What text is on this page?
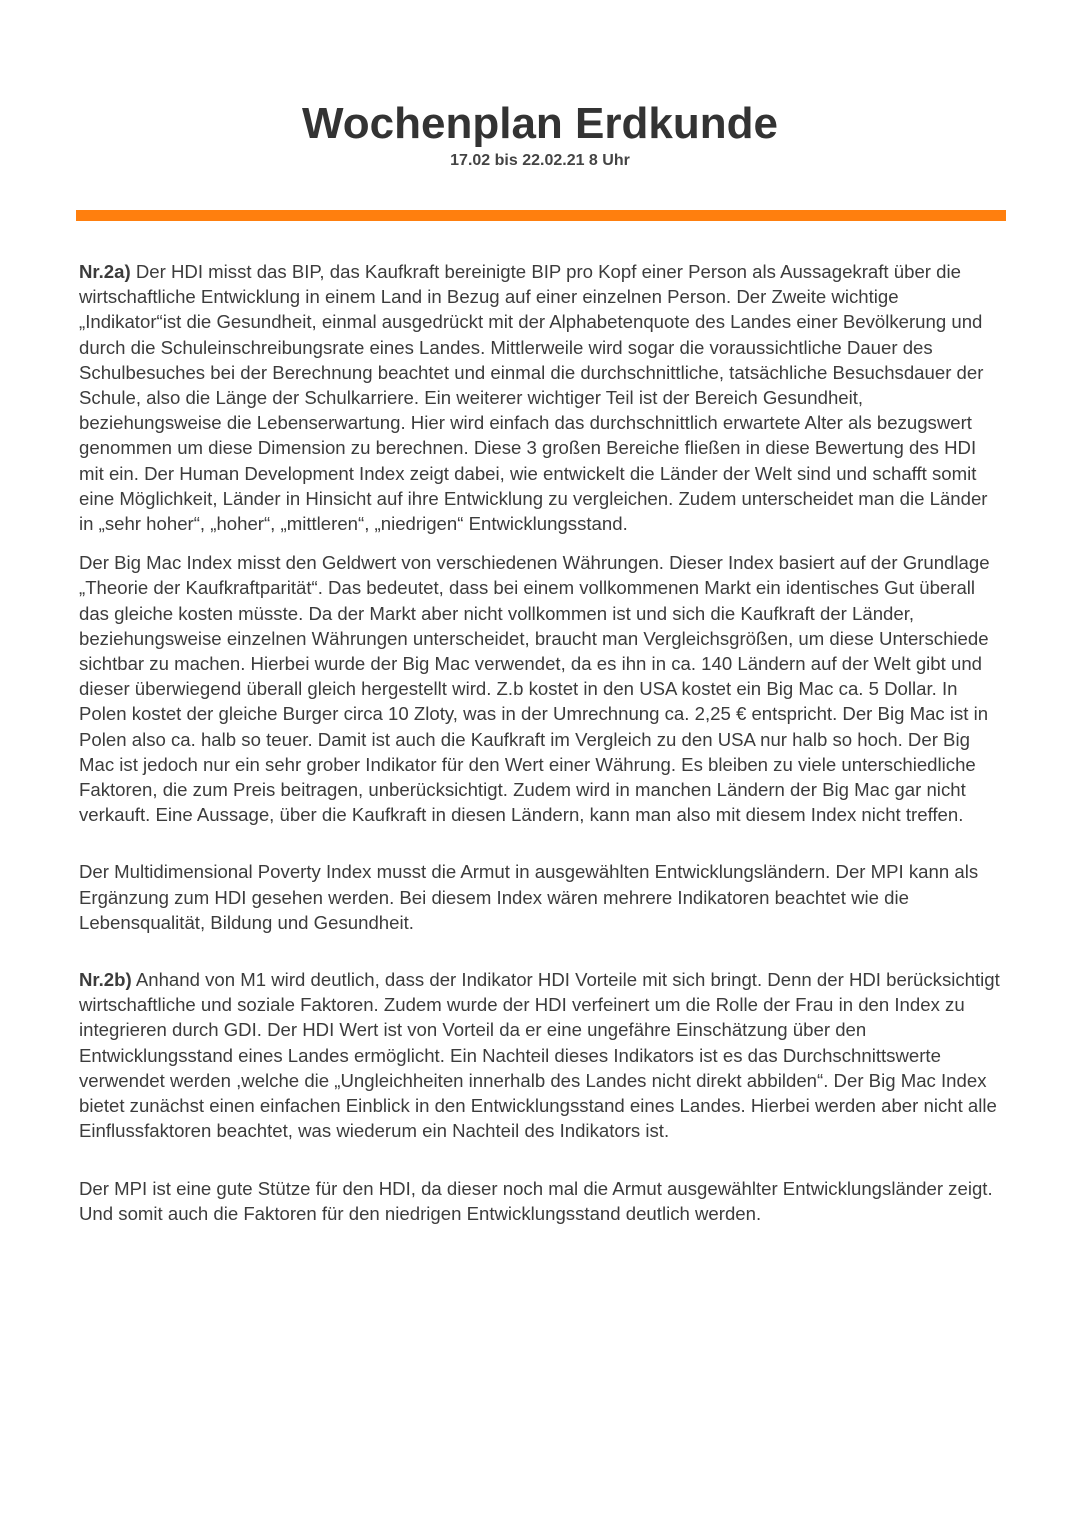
Wochenplan Erdkunde
17.02 bis 22.02.21 8 Uhr

Nr.2a) Der HDI misst das BIP, das Kaufkraft bereinigte BIP pro Kopf einer Person als Aussagekraft über die wirtschaftliche Entwicklung in einem Land in Bezug auf einer einzelnen Person. Der Zweite wichtige „Indikator“ist die Gesundheit, einmal ausgedrückt mit der Alphabetenquote des Landes einer Bevölkerung und durch die Schuleinschreibungsrate eines Landes. Mittlerweile wird sogar die voraussichtliche Dauer des Schulbesuches bei der Berechnung beachtet und einmal die durchschnittliche, tatsächliche Besuchsdauer der Schule, also die Länge der Schulkarriere. Ein weiterer wichtiger Teil ist der Bereich Gesundheit, beziehungsweise die Lebenserwartung. Hier wird einfach das durchschnittlich erwartete Alter als bezugswert genommen um diese Dimension zu berechnen. Diese 3 großen Bereiche fließen in diese Bewertung des HDI mit ein. Der Human Development Index zeigt dabei, wie entwickelt die Länder der Welt sind und schafft somit eine Möglichkeit, Länder in Hinsicht auf ihre Entwicklung zu vergleichen. Zudem unterscheidet man die Länder in „sehr hoher“, „hoher“, „mittleren“, „niedrigen“ Entwicklungsstand.

Der Big Mac Index misst den Geldwert von verschiedenen Währungen. Dieser Index basiert auf der Grundlage „Theorie der Kaufkraftparität“. Das bedeutet, dass bei einem vollkommenen Markt ein identisches Gut überall das gleiche kosten müsste. Da der Markt aber nicht vollkommen ist und sich die Kaufkraft der Länder, beziehungsweise einzelnen Währungen unterscheidet, braucht man Vergleichsgrößen, um diese Unterschiede sichtbar zu machen. Hierbei wurde der Big Mac verwendet, da es ihn in ca. 140 Ländern auf der Welt gibt und dieser überwiegend überall gleich hergestellt wird. Z.b kostet in den USA kostet ein Big Mac ca. 5 Dollar. In Polen kostet der gleiche Burger circa 10 Zloty, was in der Umrechnung ca. 2,25 € entspricht. Der Big Mac ist in Polen also ca. halb so teuer. Damit ist auch die Kaufkraft im Vergleich zu den USA nur halb so hoch. Der Big Mac ist jedoch nur ein sehr grober Indikator für den Wert einer Währung. Es bleiben zu viele unterschiedliche Faktoren, die zum Preis beitragen, unberücksichtigt. Zudem wird in manchen Ländern der Big Mac gar nicht verkauft. Eine Aussage, über die Kaufkraft in diesen Ländern, kann man also mit diesem Index nicht treffen.

Der Multidimensional Poverty Index musst die Armut in ausgewählten Entwicklungsländern. Der MPI kann als Ergänzung zum HDI gesehen werden. Bei diesem Index wären mehrere Indikatoren beachtet wie die Lebensqualität, Bildung und Gesundheit.

Nr.2b) Anhand von M1 wird deutlich, dass der Indikator HDI Vorteile mit sich bringt. Denn der HDI berücksichtigt wirtschaftliche und soziale Faktoren. Zudem wurde der HDI verfeinert um die Rolle der Frau in den Index zu integrieren durch GDI. Der HDI Wert ist von Vorteil da er eine ungefähre Einschätzung über den Entwicklungsstand eines Landes ermöglicht. Ein Nachteil dieses Indikators ist es das Durchschnittswerte verwendet werden ,welche die „Ungleichheiten innerhalb des Landes nicht direkt abbilden“. Der Big Mac Index bietet zunächst einen einfachen Einblick in den Entwicklungsstand eines Landes. Hierbei werden aber nicht alle Einflussfaktoren beachtet, was wiederum ein Nachteil des Indikators ist.

Der MPI ist eine gute Stütze für den HDI, da dieser noch mal die Armut ausgewählter Entwicklungsländer zeigt. Und somit auch die Faktoren für den niedrigen Entwicklungsstand deutlich werden.
